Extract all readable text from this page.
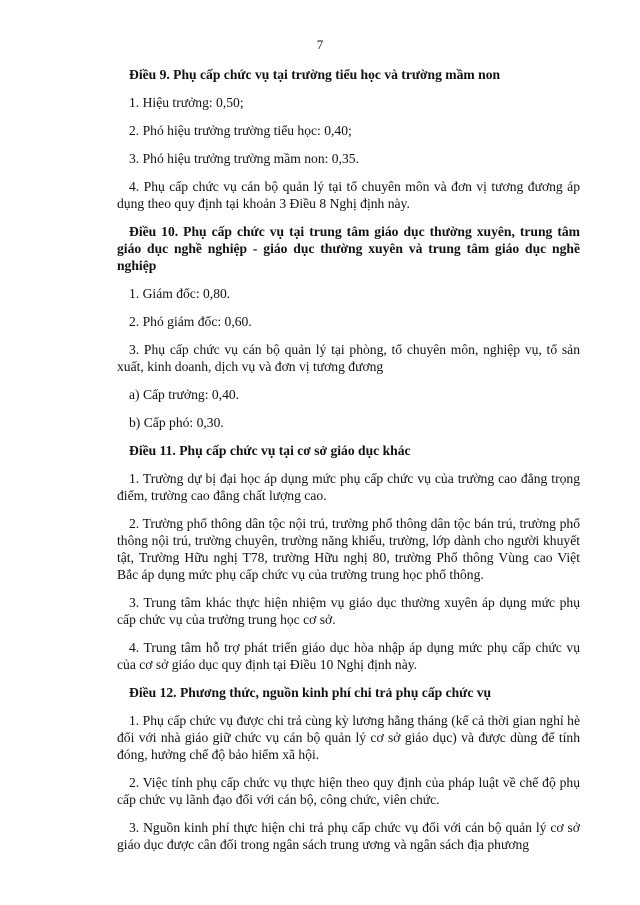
7
Điều 9. Phụ cấp chức vụ tại trường tiểu học và trường mầm non
1. Hiệu trưởng: 0,50;
2. Phó hiệu trưởng trường tiểu học: 0,40;
3. Phó hiệu trưởng trường mầm non: 0,35.
4. Phụ cấp chức vụ cán bộ quản lý tại tổ chuyên môn và đơn vị tương đương áp dụng theo quy định tại khoản 3 Điều 8 Nghị định này.
Điều 10. Phụ cấp chức vụ tại trung tâm giáo dục thường xuyên, trung tâm giáo dục nghề nghiệp - giáo dục thường xuyên và trung tâm giáo dục nghề nghiệp
1. Giám đốc: 0,80.
2. Phó giám đốc: 0,60.
3. Phụ cấp chức vụ cán bộ quản lý tại phòng, tổ chuyên môn, nghiệp vụ, tổ sản xuất, kinh doanh, dịch vụ và đơn vị tương đương
a) Cấp trưởng: 0,40.
b) Cấp phó: 0,30.
Điều 11. Phụ cấp chức vụ tại cơ sở giáo dục khác
1. Trường dự bị đại học áp dụng mức phụ cấp chức vụ của trường cao đẳng trọng điểm, trường cao đẳng chất lượng cao.
2. Trường phổ thông dân tộc nội trú, trường phổ thông dân tộc bán trú, trường phổ thông nội trú, trường chuyên, trường năng khiếu, trường, lớp dành cho người khuyết tật, Trường Hữu nghị T78, trường Hữu nghị 80, trường Phổ thông Vùng cao Việt Bắc áp dụng mức phụ cấp chức vụ của trường trung học phổ thông.
3. Trung tâm khác thực hiện nhiệm vụ giáo dục thường xuyên áp dụng mức phụ cấp chức vụ của trường trung học cơ sở.
4. Trung tâm hỗ trợ phát triển giáo dục hòa nhập áp dụng mức phụ cấp chức vụ của cơ sở giáo dục quy định tại Điều 10 Nghị định này.
Điều 12. Phương thức, nguồn kinh phí chi trả phụ cấp chức vụ
1. Phụ cấp chức vụ được chi trả cùng kỳ lương hằng tháng (kể cả thời gian nghỉ hè đối với nhà giáo giữ chức vụ cán bộ quản lý cơ sở giáo dục) và được dùng để tính đóng, hưởng chế độ bảo hiểm xã hội.
2. Việc tính phụ cấp chức vụ thực hiện theo quy định của pháp luật về chế độ phụ cấp chức vụ lãnh đạo đối với cán bộ, công chức, viên chức.
3. Nguồn kinh phí thực hiện chi trả phụ cấp chức vụ đối với cán bộ quản lý cơ sở giáo dục được cân đối trong ngân sách trung ương và ngân sách địa phương
